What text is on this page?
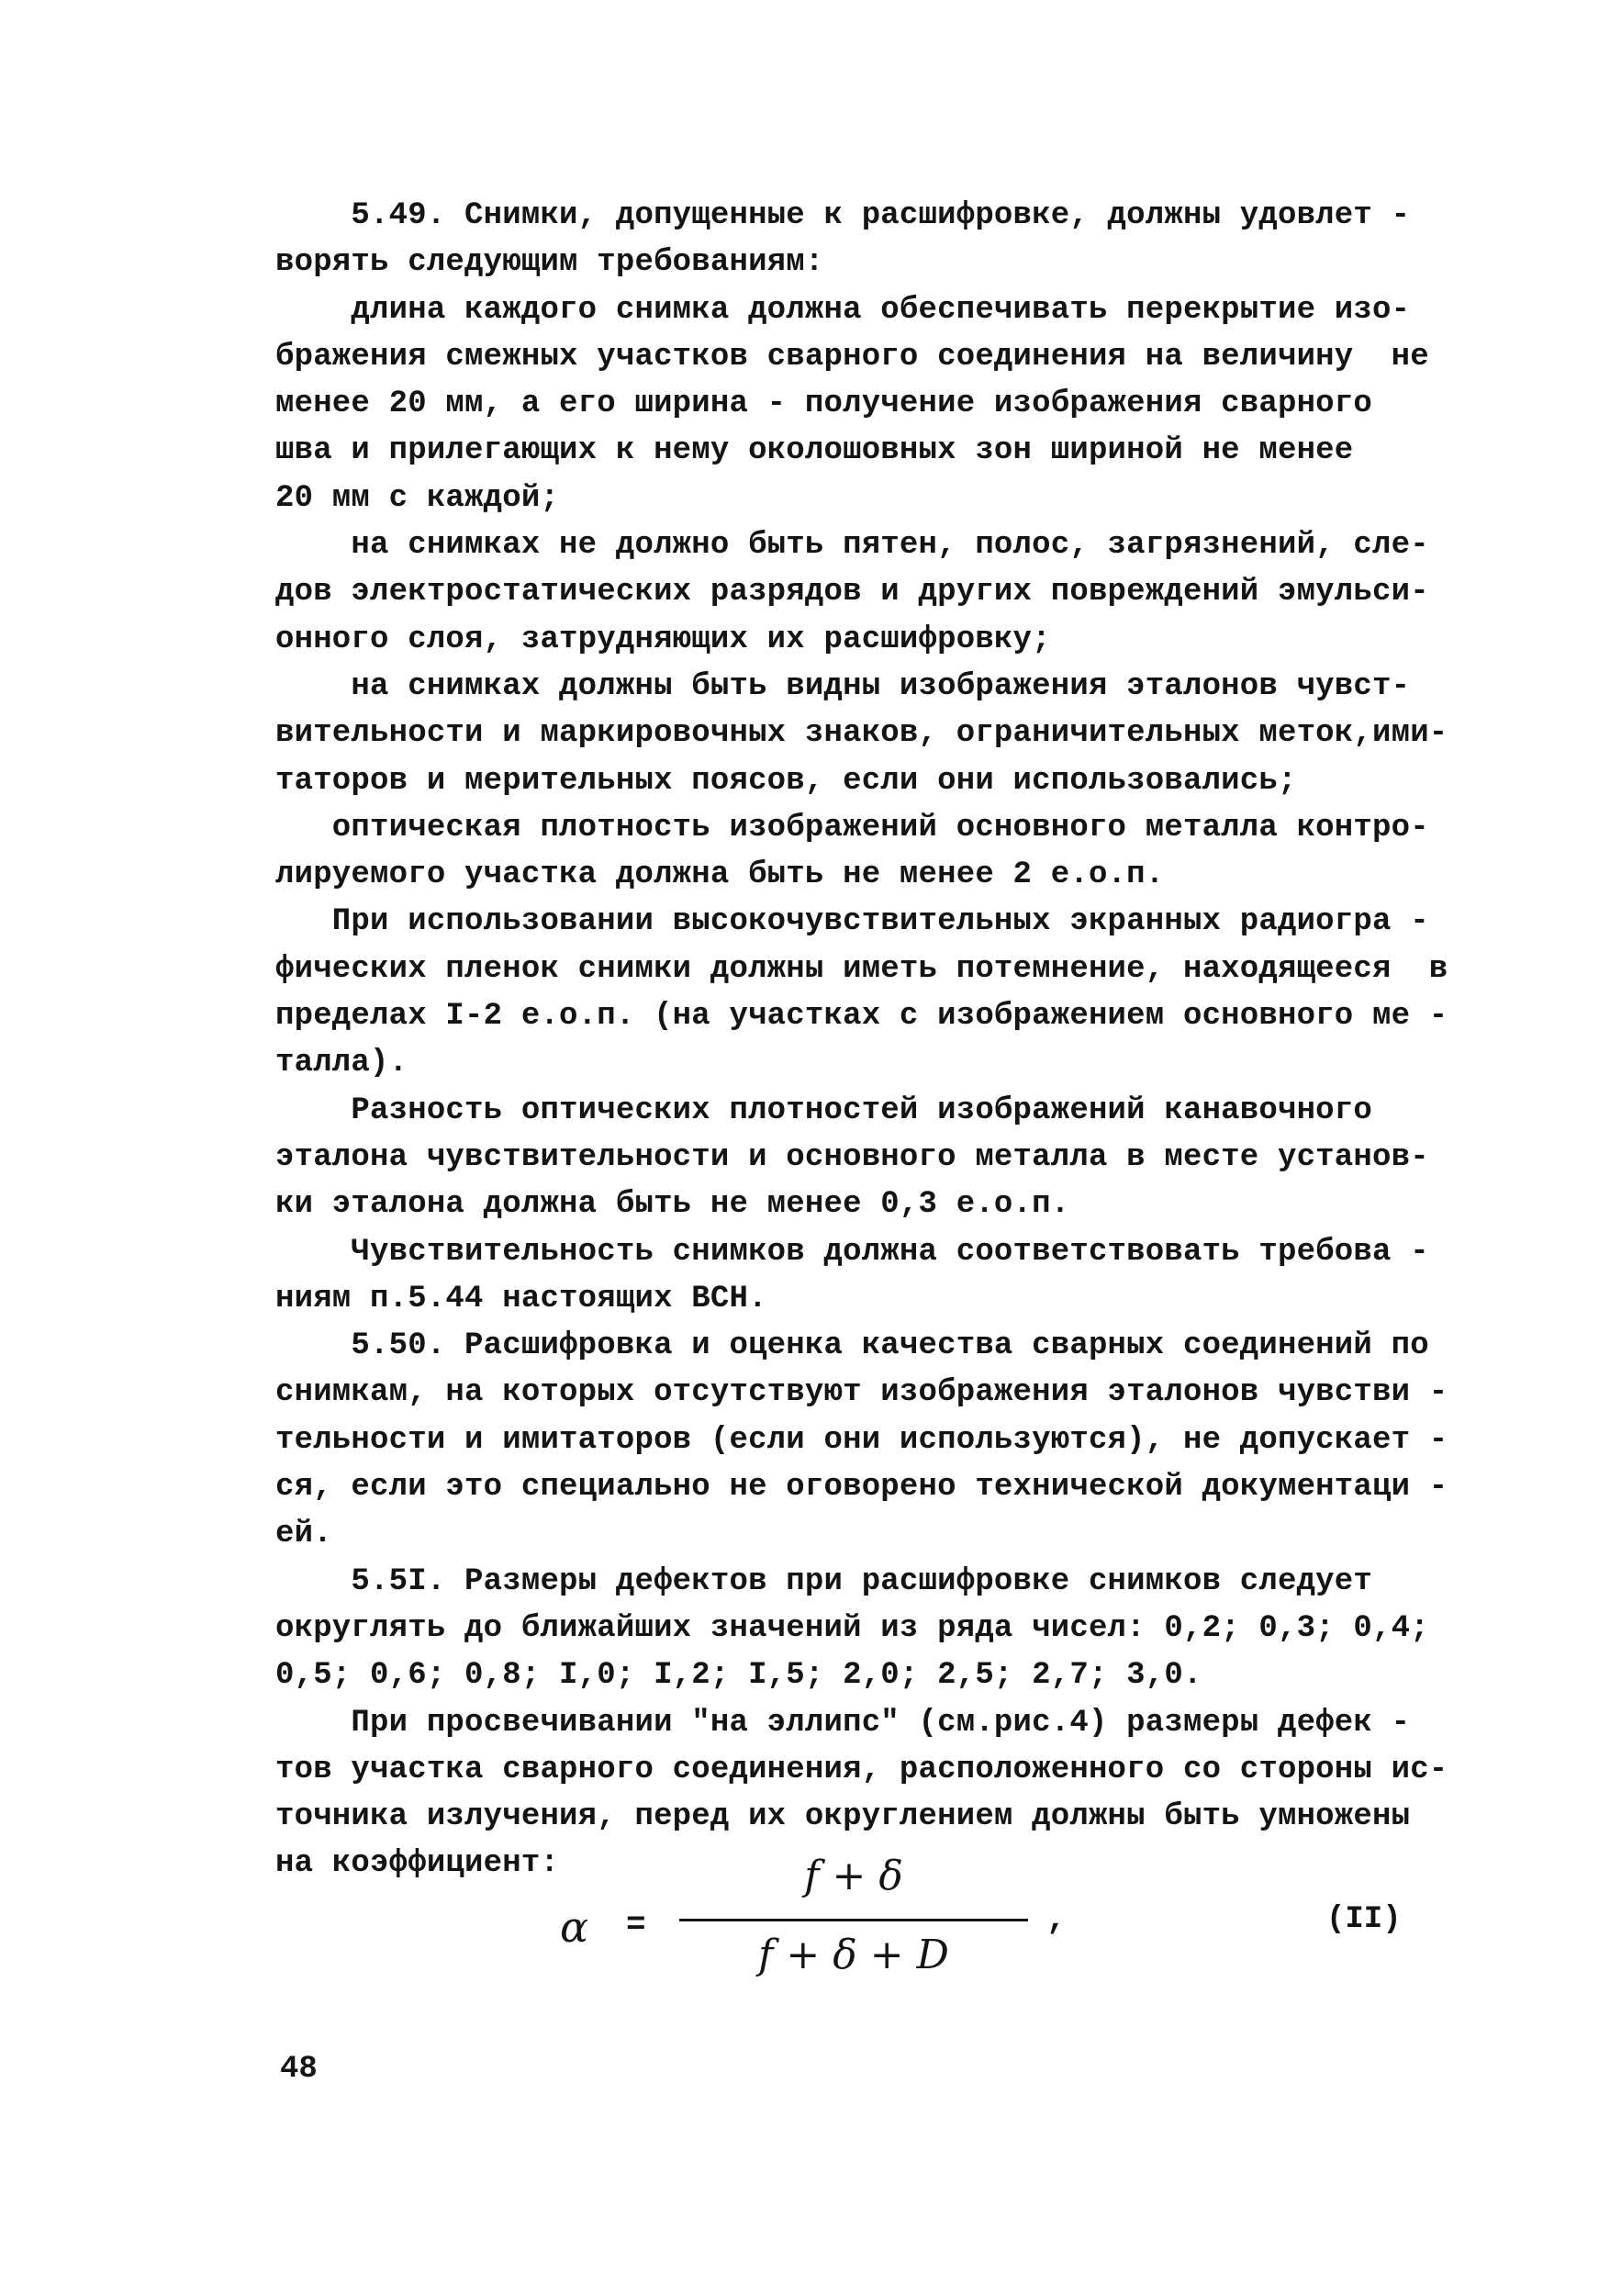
5.49. Снимки, допущенные к расшифровке, должны удовлет -
ворять следующим требованиям:
длина каждого снимка должна обеспечивать перекрытие изо-
бражения смежных участков сварного соединения на величину  не
менее 20 мм, а его ширина - получение изображения сварного
шва и прилегающих к нему околошовных зон шириной не менее
20 мм с каждой;
на снимках не должно быть пятен, полос, загрязнений, сле-
дов электростатических разрядов и других повреждений эмульси-
онного слоя, затрудняющих их расшифровку;
на снимках должны быть видны изображения эталонов чувст-
вительности и маркировочных знаков, ограничительных меток,ими-
таторов и мерительных поясов, если они использовались;
оптическая плотность изображений основного металла контро-
лируемого участка должна быть не менее 2 е.о.п.
При использовании высокочувствительных экранных радиогра -
фических пленок снимки должны иметь потемнение, находящееся  в
пределах I-2 е.о.п. (на участках с изображением основного ме -
талла).
Разность оптических плотностей изображений канавочного
эталона чувствительности и основного металла в месте установ-
ки эталона должна быть не менее 0,3 е.о.п.
Чувствительность снимков должна соответствовать требова -
ниям п.5.44 настоящих ВСН.
5.50. Расшифровка и оценка качества сварных соединений по
снимкам, на которых отсутствуют изображения эталонов чувстви -
тельности и имитаторов (если они используются), не допускает -
ся, если это специально не оговорено технической документаци -
ей.
5.5I. Размеры дефектов при расшифровке снимков следует
округлять до ближайших значений из ряда чисел: 0,2; 0,3; 0,4;
0,5; 0,6; 0,8; I,0; I,2; I,5; 2,0; 2,5; 2,7; 3,0.
При просвечивании "на эллипс" (см.рис.4) размеры дефек -
тов участка сварного соединения, расположенного со стороны ис-
точника излучения, перед их округлением должны быть умножены
на коэффициент:
α =
f + δ
f + δ + D
,	(II)
48
